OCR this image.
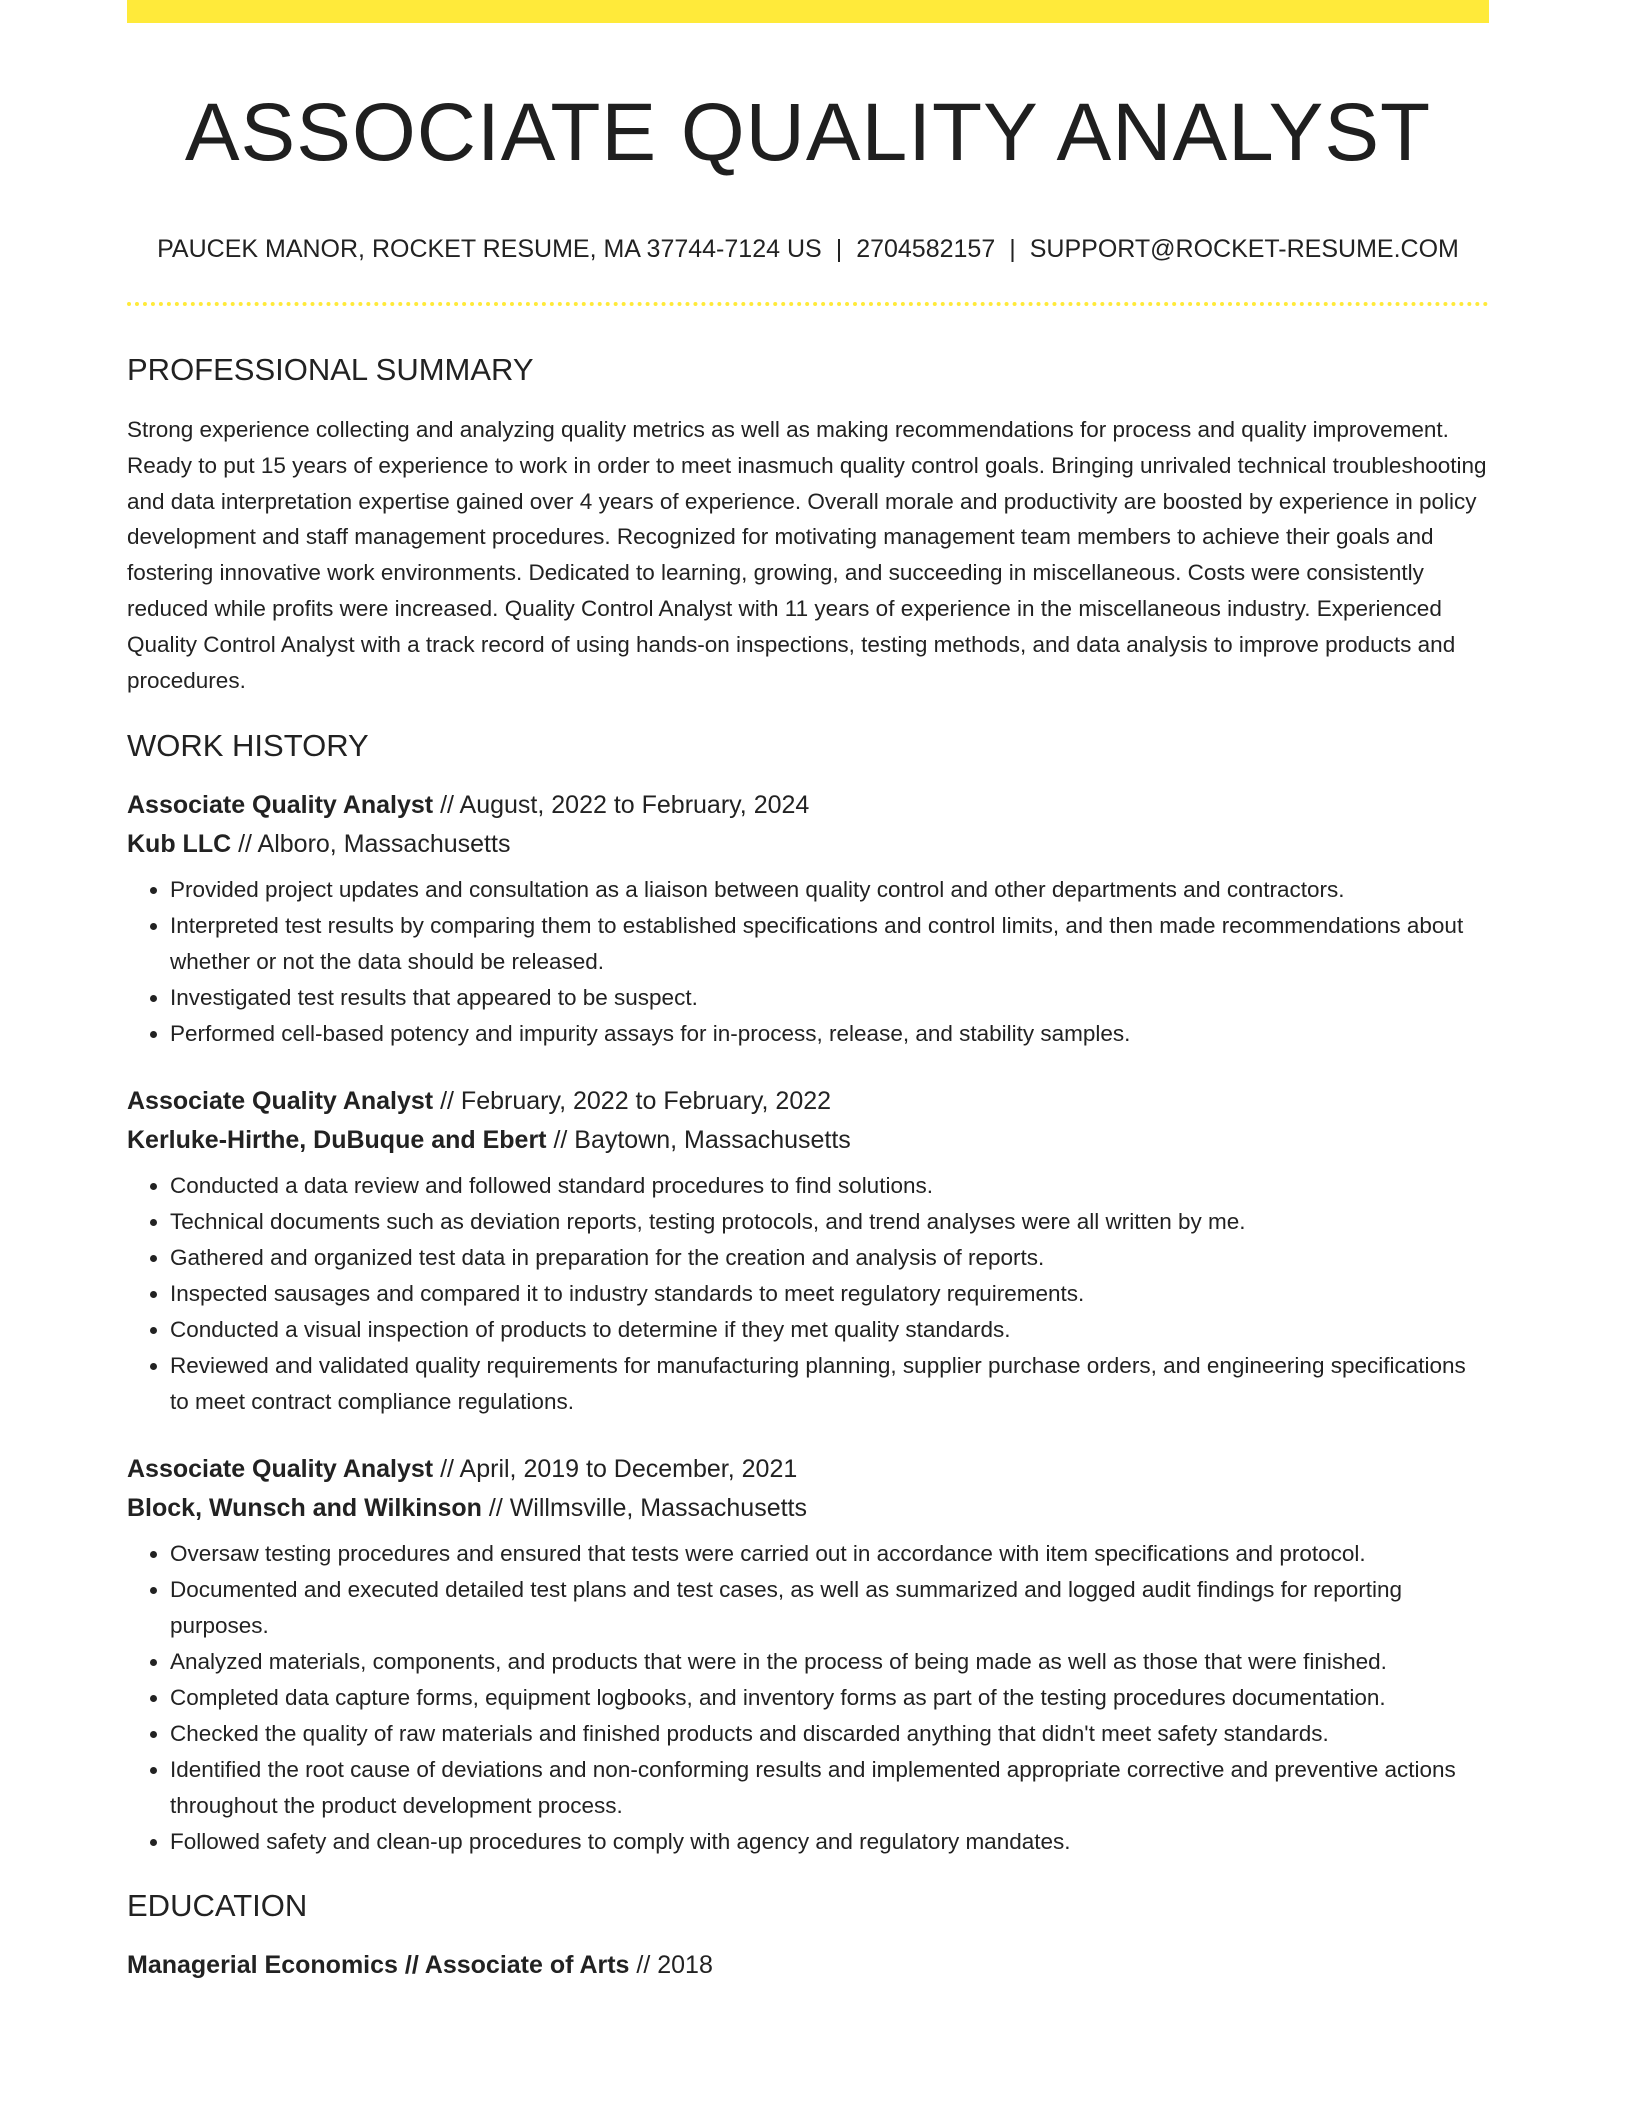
ASSOCIATE QUALITY ANALYST
PAUCEK MANOR, ROCKET RESUME, MA 37744-7124 US | 2704582157 | SUPPORT@ROCKET-RESUME.COM
PROFESSIONAL SUMMARY
Strong experience collecting and analyzing quality metrics as well as making recommendations for process and quality improvement. Ready to put 15 years of experience to work in order to meet inasmuch quality control goals. Bringing unrivaled technical troubleshooting and data interpretation expertise gained over 4 years of experience. Overall morale and productivity are boosted by experience in policy development and staff management procedures. Recognized for motivating management team members to achieve their goals and fostering innovative work environments. Dedicated to learning, growing, and succeeding in miscellaneous. Costs were consistently reduced while profits were increased. Quality Control Analyst with 11 years of experience in the miscellaneous industry. Experienced Quality Control Analyst with a track record of using hands-on inspections, testing methods, and data analysis to improve products and procedures.
WORK HISTORY
Associate Quality Analyst // August, 2022 to February, 2024
Kub LLC // Alboro, Massachusetts
• Provided project updates and consultation as a liaison between quality control and other departments and contractors.
• Interpreted test results by comparing them to established specifications and control limits, and then made recommendations about whether or not the data should be released.
• Investigated test results that appeared to be suspect.
• Performed cell-based potency and impurity assays for in-process, release, and stability samples.
Associate Quality Analyst // February, 2022 to February, 2022
Kerluke-Hirthe, DuBuque and Ebert // Baytown, Massachusetts
• Conducted a data review and followed standard procedures to find solutions.
• Technical documents such as deviation reports, testing protocols, and trend analyses were all written by me.
• Gathered and organized test data in preparation for the creation and analysis of reports.
• Inspected sausages and compared it to industry standards to meet regulatory requirements.
• Conducted a visual inspection of products to determine if they met quality standards.
• Reviewed and validated quality requirements for manufacturing planning, supplier purchase orders, and engineering specifications to meet contract compliance regulations.
Associate Quality Analyst // April, 2019 to December, 2021
Block, Wunsch and Wilkinson // Willmsville, Massachusetts
• Oversaw testing procedures and ensured that tests were carried out in accordance with item specifications and protocol.
• Documented and executed detailed test plans and test cases, as well as summarized and logged audit findings for reporting purposes.
• Analyzed materials, components, and products that were in the process of being made as well as those that were finished.
• Completed data capture forms, equipment logbooks, and inventory forms as part of the testing procedures documentation.
• Checked the quality of raw materials and finished products and discarded anything that didn't meet safety standards.
• Identified the root cause of deviations and non-conforming results and implemented appropriate corrective and preventive actions throughout the product development process.
• Followed safety and clean-up procedures to comply with agency and regulatory mandates.
EDUCATION
Managerial Economics // Associate of Arts // 2018
